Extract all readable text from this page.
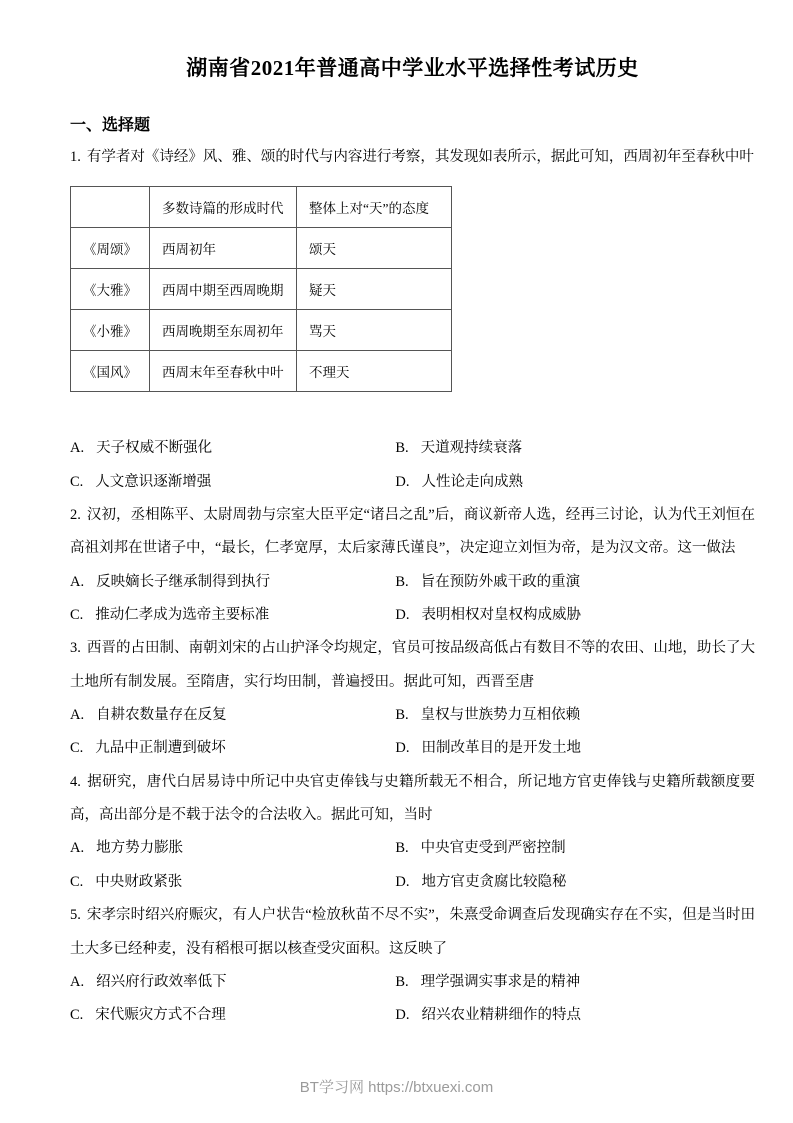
湖南省2021年普通高中学业水平选择性考试历史
一、选择题

1. 有学者对《诗经》风、雅、颂的时代与内容进行考察，其发现如表所示，据此可知，西周初年至春秋中叶

	多数诗篇的形成时代	整体上对“天”的态度
《周颂》	西周初年	颂天
《大雅》	西周中期至西周晚期	疑天
《小雅》	西周晚期至东周初年	骂天
《国风》	西周末年至春秋中叶	不理天
A. 天子权威不断强化	B. 天道观持续衰落
C. 人文意识逐渐增强	D. 人性论走向成熟

2. 汉初，丞相陈平、太尉周勃与宗室大臣平定“诸吕之乱”后，商议新帝人选，经再三讨论，认为代王刘恒在高祖刘邦在世诸子中，“最长，仁孝宽厚，太后家薄氏谨良”，决定迎立刘恒为帝，是为汉文帝。这一做法

A. 反映嫡长子继承制得到执行	B. 旨在预防外戚干政的重演
C. 推动仁孝成为选帝主要标准	D. 表明相权对皇权构成威胁

3. 西晋的占田制、南朝刘宋的占山护泽令均规定，官员可按品级高低占有数目不等的农田、山地，助长了大土地所有制发展。至隋唐，实行均田制，普遍授田。据此可知，西晋至唐

A. 自耕农数量存在反复	B. 皇权与世族势力互相依赖
C. 九品中正制遭到破坏	D. 田制改革目的是开发土地

4. 据研究，唐代白居易诗中所记中央官吏俸钱与史籍所载无不相合，所记地方官吏俸钱与史籍所载额度要高，高出部分是不载于法令的合法收入。据此可知，当时

A. 地方势力膨胀	B. 中央官吏受到严密控制
C. 中央财政紧张	D. 地方官吏贪腐比较隐秘

5. 宋孝宗时绍兴府赈灾，有人户状告“检放秋苗不尽不实”，朱熹受命调查后发现确实存在不实，但是当时田土大多已经种麦，没有稻根可据以核查受灾面积。这反映了

A. 绍兴府行政效率低下	B. 理学强调实事求是的精神
C. 宋代赈灾方式不合理	D. 绍兴农业精耕细作的特点
BT学习网 https://btxuexi.com
